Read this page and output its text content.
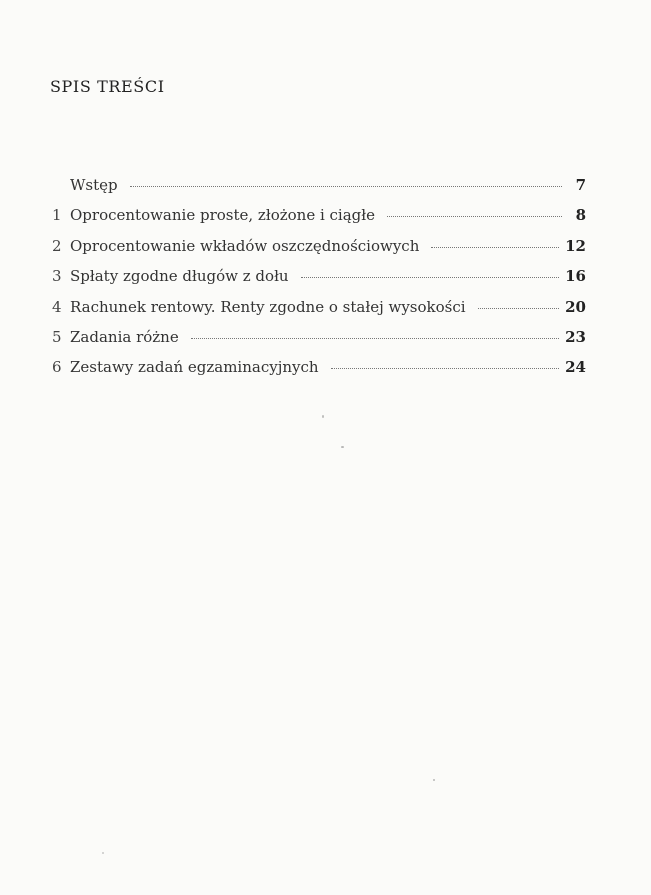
SPIS TREŚCI
Wstęp	7
1 Oprocentowanie proste, złożone i ciągłe	8
2 Oprocentowanie wkładów oszczędnościowych	12
3 Spłaty zgodne długów z dołu	16
4 Rachunek rentowy. Renty zgodne o stałej wysokości	20
5 Zadania różne	23
6 Zestawy zadań egzaminacyjnych	24
